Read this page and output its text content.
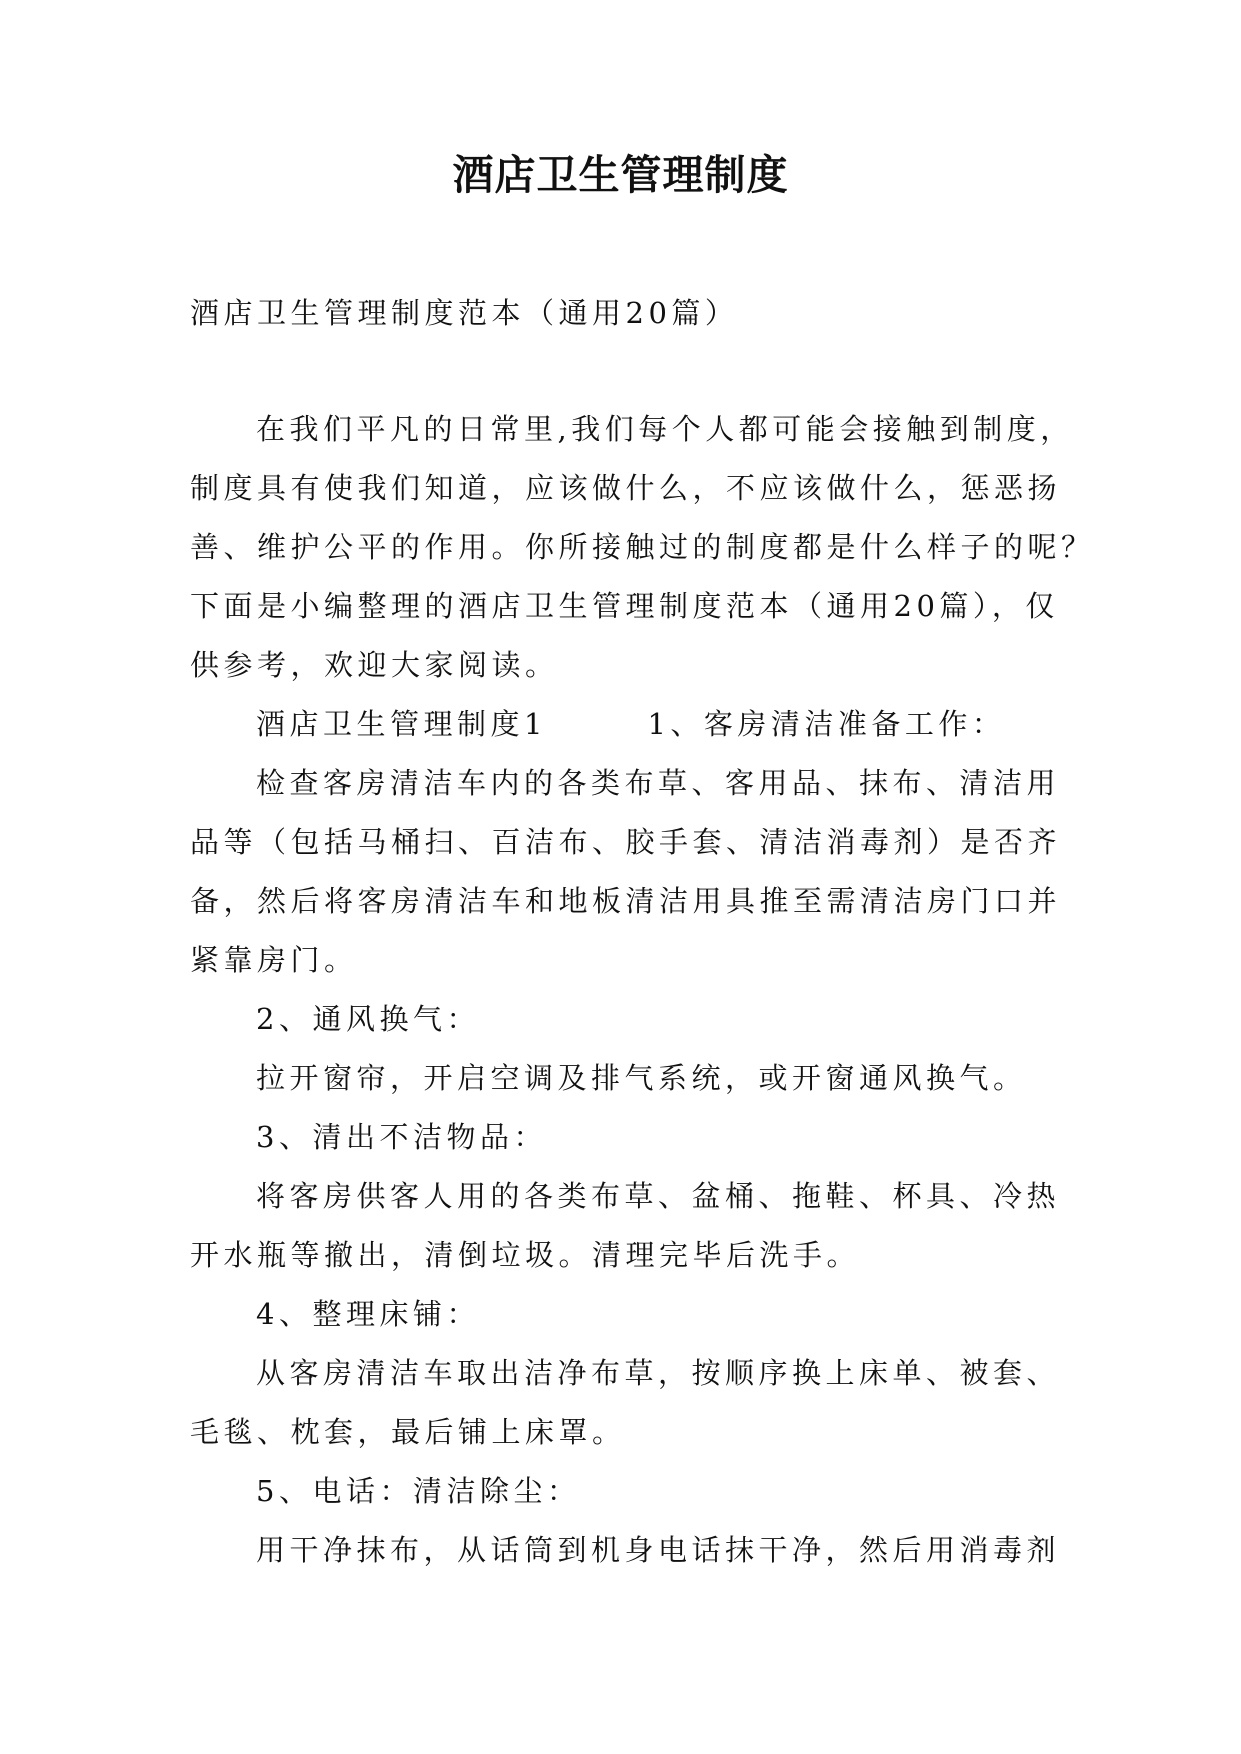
酒店卫生管理制度

酒店卫生管理制度范本（通用20篇）

在我们平凡的日常里,我们每个人都可能会接触到制度，

制度具有使我们知道，应该做什么，不应该做什么，惩恶扬

善、维护公平的作用。你所接触过的制度都是什么样子的呢？

下面是小编整理的酒店卫生管理制度范本（通用20篇），仅

供参考，欢迎大家阅读。

酒店卫生管理制度1　　　1、客房清洁准备工作：

检查客房清洁车内的各类布草、客用品、抹布、清洁用

品等（包括马桶扫、百洁布、胶手套、清洁消毒剂）是否齐

备，然后将客房清洁车和地板清洁用具推至需清洁房门口并

紧靠房门。

2、通风换气：

拉开窗帘，开启空调及排气系统，或开窗通风换气。

3、清出不洁物品：

将客房供客人用的各类布草、盆桶、拖鞋、杯具、冷热

开水瓶等撤出，清倒垃圾。清理完毕后洗手。

4、整理床铺：

从客房清洁车取出洁净布草，按顺序换上床单、被套、

毛毯、枕套，最后铺上床罩。

5、电话：清洁除尘：

用干净抹布，从话筒到机身电话抹干净，然后用消毒剂
